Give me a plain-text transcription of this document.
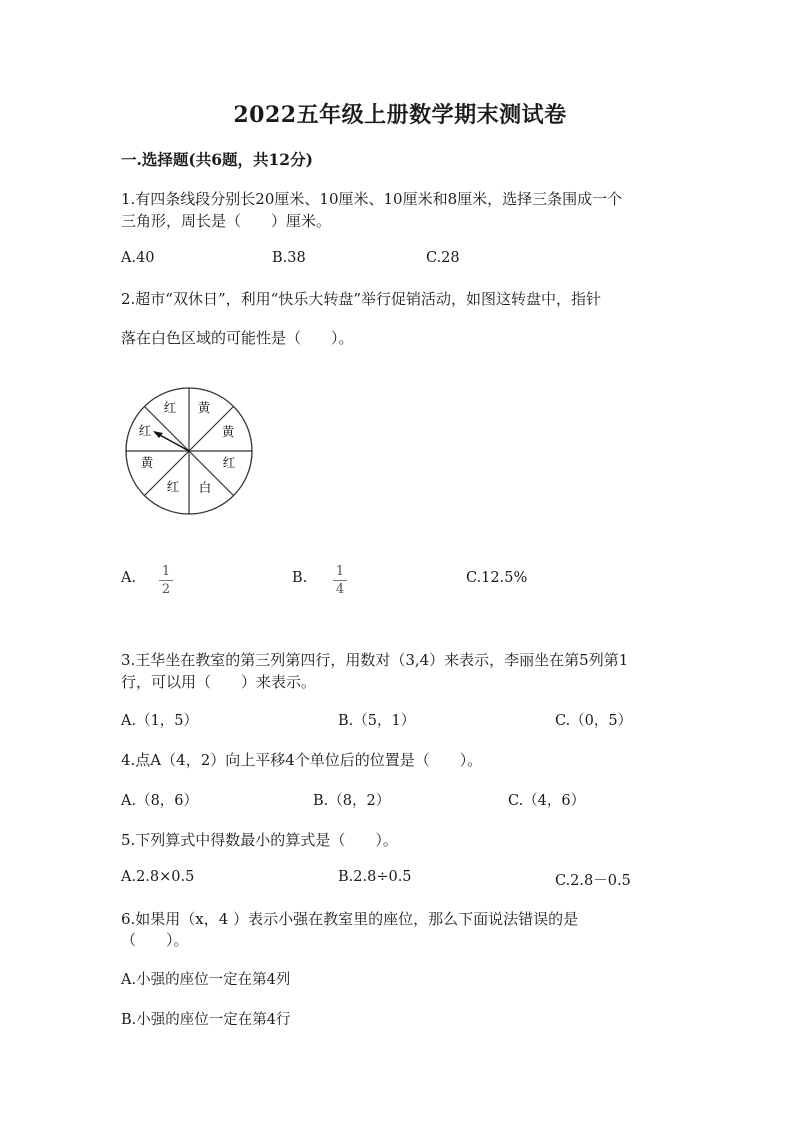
2022五年级上册数学期末测试卷
一.选择题(共6题，共12分)
1.有四条线段分别长20厘米、10厘米、10厘米和8厘米，选择三条围成一个
三角形，周长是（　　）厘米。
A.40	B.38	C.28
2.超市“双休日”，利用“快乐大转盘”举行促销活动，如图这转盘中，指针
落在白色区域的可能性是（　　）。
黄
黄
红
白
红
黄
红
红
A. 1
2
B. 1
4
C.12.5%
3.王华坐在教室的第三列第四行，用数对（3,4）来表示，李丽坐在第5列第1
行，可以用（　　）来表示。
A.（1，5）	B.（5，1）	C.（0，5）
4.点A（4，2）向上平移4个单位后的位置是（　　）。
A.（8，6）	B.（8，2）	C.（4，6）
5.下列算式中得数最小的算式是（　　）。
A.2.8×0.5	B.2.8÷0.5	C.2.8－0.5
6.如果用（x，4 ）表示小强在教室里的座位，那么下面说法错误的是
（　　）。
A.小强的座位一定在第4列
B.小强的座位一定在第4行
